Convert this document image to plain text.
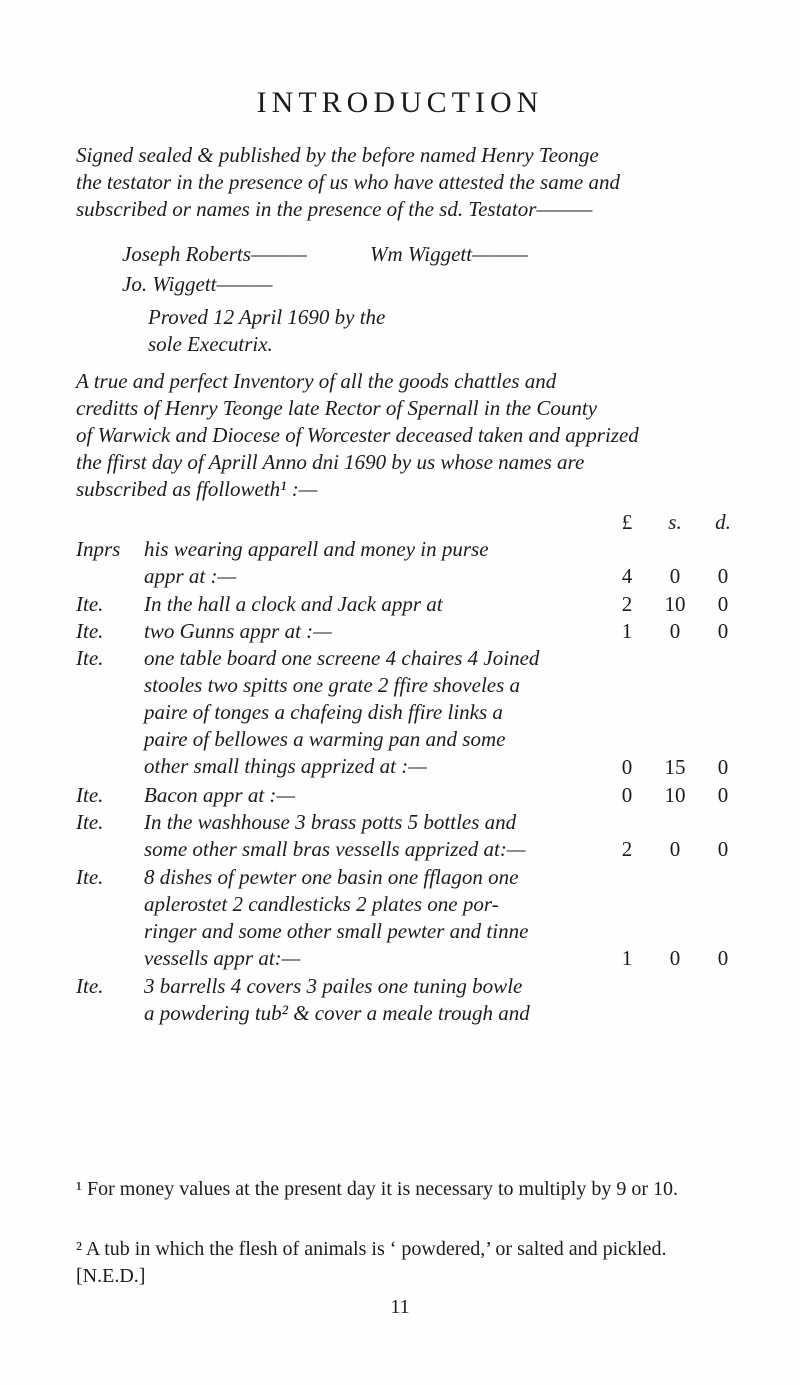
INTRODUCTION
Signed sealed & published by the before named Henry Teonge
the testator in the presence of us who have attested the same and
subscribed or names in the presence of the sd. Testator———
Joseph Roberts———	Wm Wiggett———
Jo. Wiggett———
Proved 12 April 1690 by the
sole Executrix.
A true and perfect Inventory of all the goods chattles and
creditts of Henry Teonge late Rector of Spernall in the County
of Warwick and Diocese of Worcester deceased taken and apprized
the ffirst day of Aprill Anno dni 1690 by us whose names are
subscribed as ffolloweth¹ :—
£	s.	d.
Inprs his wearing apparell and money in purse
appr at :—	4	0	0
Ite. In the hall a clock and Jack appr at	2	10	0
Ite. two Gunns appr at :—	1	0	0
Ite. one table board one screene 4 chaires 4 Joined
stooles two spitts one grate 2 ffire shoveles a
paire of tonges a chafeing dish ffire links a
paire of bellowes a warming pan and some
other small things apprized at :—	0	15	0
Ite. Bacon appr at :—	0	10	0
Ite. In the washhouse 3 brass potts 5 bottles and
some other small bras vessells apprized at:—	2	0	0
Ite. 8 dishes of pewter one basin one fflagon one
aplerostet 2 candlesticks 2 plates one por-
ringer and some other small pewter and tinne
vessells appr at:—	1	0	0
Ite. 3 barrells 4 covers 3 pailes one tuning bowle
a powdering tub² & cover a meale trough and
¹ For money values at the present day it is necessary to multiply by 9 or 10.
² A tub in which the flesh of animals is ‘ powdered,’ or salted and pickled. [N.E.D.]
11
